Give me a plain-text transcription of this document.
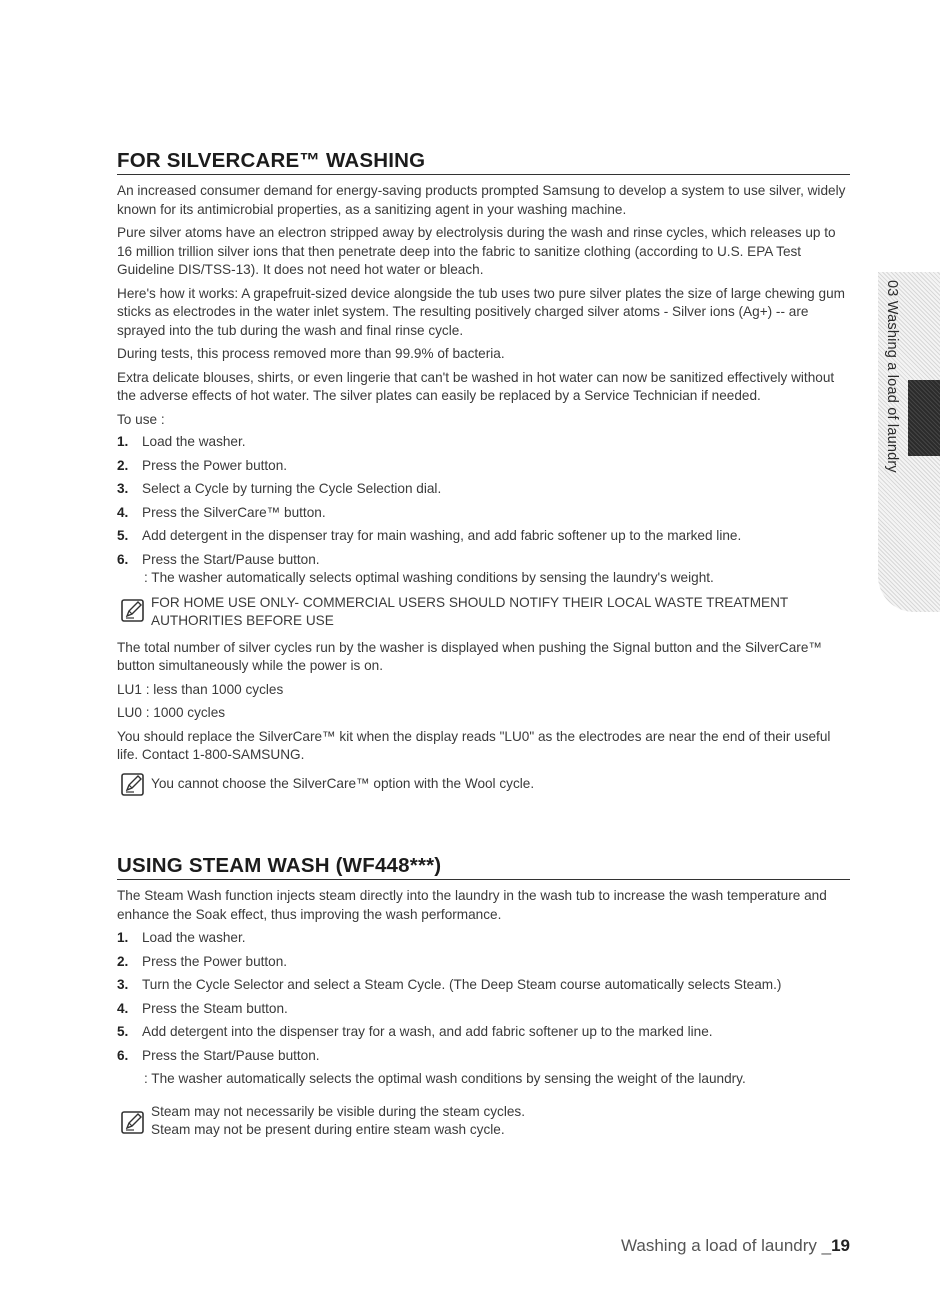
03 Washing a load of laundry
FOR SILVERCARE™ WASHING

An increased consumer demand for energy-saving products prompted Samsung to develop a system to use silver, widely known for its antimicrobial properties, as a sanitizing agent in your washing machine.

Pure silver atoms have an electron stripped away by electrolysis during the wash and rinse cycles, which releases up to 16 million trillion silver ions that then penetrate deep into the fabric to sanitize clothing (according to U.S. EPA Test Guideline DIS/TSS-13). It does not need hot water or bleach.

Here's how it works: A grapefruit-sized device alongside the tub uses two pure silver plates the size of large chewing gum sticks as electrodes in the water inlet system. The resulting positively charged silver atoms - Silver ions (Ag+) -- are sprayed into the tub during the wash and final rinse cycle.

During tests, this process removed more than 99.9% of bacteria.

Extra delicate blouses, shirts, or even lingerie that can't be washed in hot water can now be sanitized effectively without the adverse effects of hot water. The silver plates can easily be replaced by a Service Technician if needed.

To use :

1. Load the washer.
2. Press the Power button.
3. Select a Cycle by turning the Cycle Selection dial.
4. Press the SilverCare™ button.
5. Add detergent in the dispenser tray for main washing, and add fabric softener up to the marked line.
6. Press the Start/Pause button.
: The washer automatically selects optimal washing conditions by sensing the laundry's weight.
FOR HOME USE ONLY- COMMERCIAL USERS SHOULD NOTIFY THEIR LOCAL WASTE TREATMENT AUTHORITIES BEFORE USE

The total number of silver cycles run by the washer is displayed when pushing the Signal button and the SilverCare™ button simultaneously while the power is on.

LU1 : less than 1000 cycles

LU0 : 1000 cycles

You should replace the SilverCare™ kit when the display reads "LU0" as the electrodes are near the end of their useful life. Contact 1-800-SAMSUNG.

You cannot choose the SilverCare™ option with the Wool cycle.
USING STEAM WASH (WF448***)

The Steam Wash function injects steam directly into the laundry in the wash tub to increase the wash temperature and enhance the Soak effect, thus improving the wash performance.

1. Load the washer.
2. Press the Power button.
3. Turn the Cycle Selector and select a Steam Cycle. (The Deep Steam course automatically selects Steam.)
4. Press the Steam button.
5. Add detergent into the dispenser tray for a wash, and add fabric softener up to the marked line.
6. Press the Start/Pause button.
: The washer automatically selects the optimal wash conditions by sensing the weight of the laundry.
Steam may not necessarily be visible during the steam cycles.
Steam may not be present during entire steam wash cycle.
Washing a load of laundry _19
